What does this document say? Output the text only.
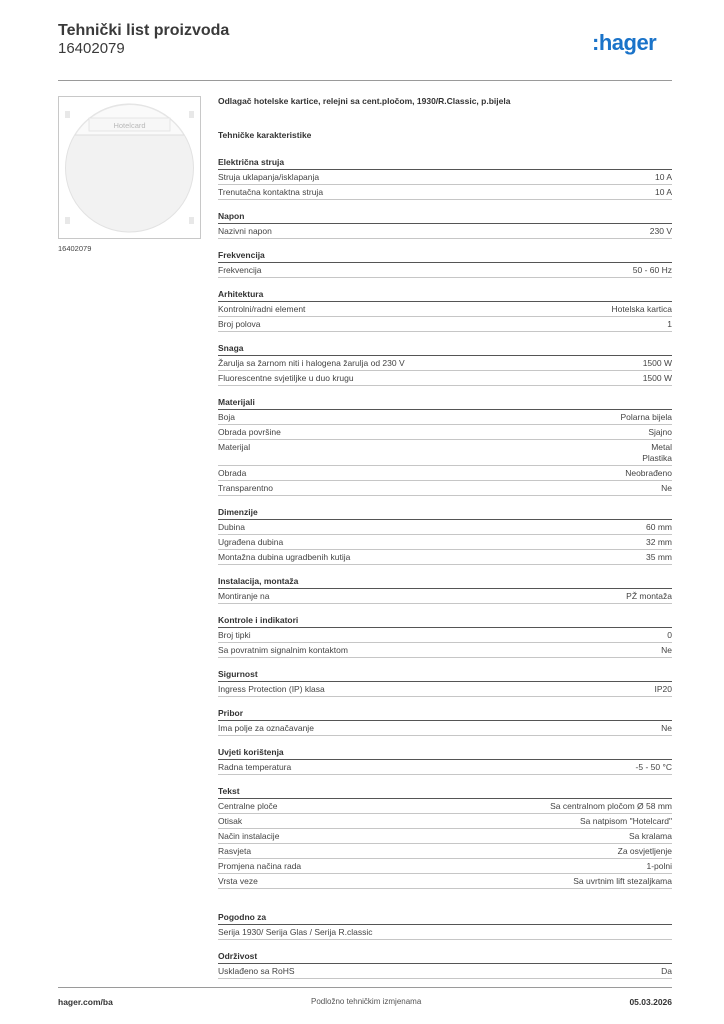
Tehnički list proizvoda
16402079	:hager
Hotelcard
16402079
Odlagač hotelske kartice, relejni sa cent.pločom, 1930/R.Classic, p.bijela
Tehničke karakteristike
Električna struja
Struja uklapanja/isklapanja	10 A
Trenutačna kontaktna struja	10 A
Napon
Nazivni napon	230 V
Frekvencija
Frekvencija	50 - 60 Hz
Arhitektura
Kontrolni/radni element	Hotelska kartica
Broj polova	1
Snaga
Žarulja sa žarnom niti i halogena žarulja od 230 V	1500 W
Fluorescentne svjetiljke u duo krugu	1500 W
Materijali
Boja	Polarna bijela
Obrada površine	Sjajno
Materijal	Metal
Plastika
Obrada	Neobrađeno
Transparentno	Ne
Dimenzije
Dubina	60 mm
Ugrađena dubina	32 mm
Montažna dubina ugradbenih kutija	35 mm
Instalacija, montaža
Montiranje na	PŽ montaža
Kontrole i indikatori
Broj tipki	0
Sa povratnim signalnim kontaktom	Ne
Sigurnost
Ingress Protection (IP) klasa	IP20
Pribor
Ima polje za označavanje	Ne
Uvjeti korištenja
Radna temperatura	-5 - 50 °C
Tekst
Centralne ploče	Sa centralnom pločom Ø 58 mm
Otisak	Sa natpisom "Hotelcard"
Način instalacije	Sa kralama
Rasvjeta	Za osvjetljenje
Promjena načina rada	1-polni
Vrsta veze	Sa uvrtnim lift stezaljkama
Pogodno za
Serija 1930/ Serija Glas / Serija R.classic
Održivost
Usklađeno sa RoHS	Da
hager.com/ba	Podložno tehničkim izmjenama	05.03.2026
